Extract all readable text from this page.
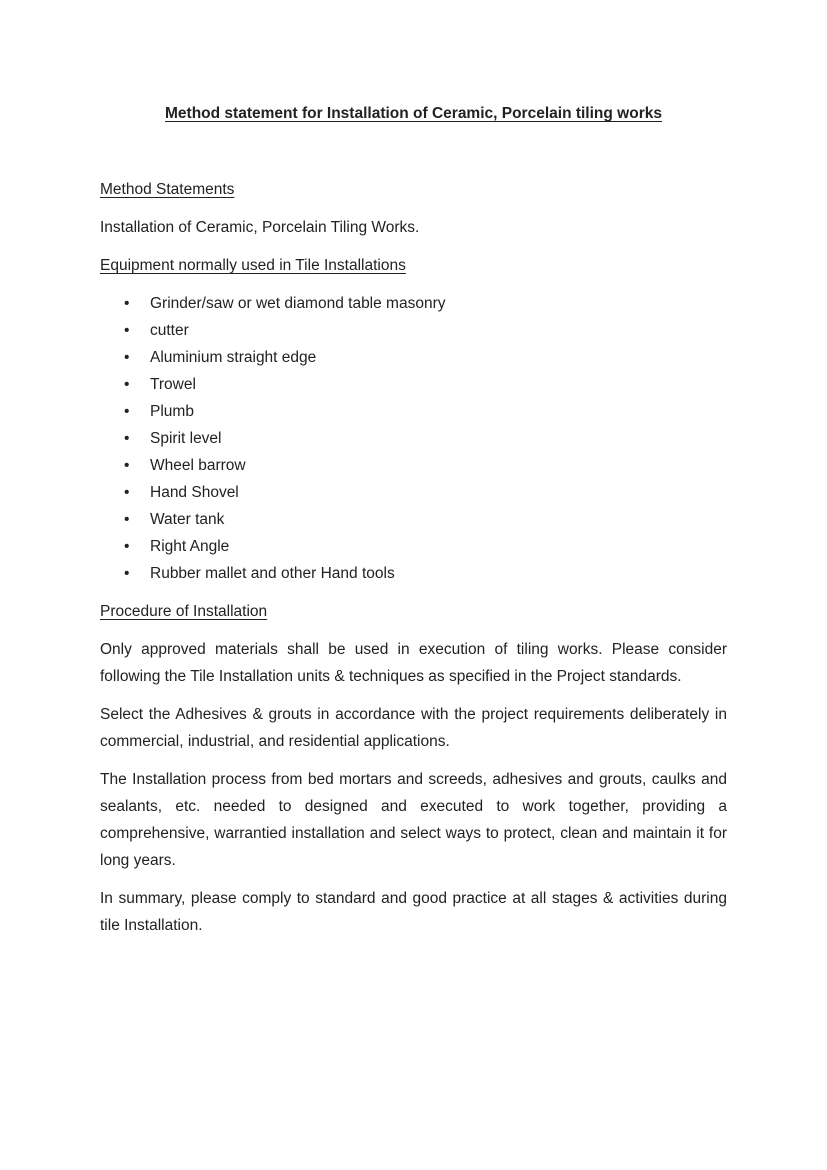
Method statement for Installation of Ceramic, Porcelain tiling works

Method Statements

Installation of Ceramic, Porcelain Tiling Works.

Equipment normally used in Tile Installations

• Grinder/saw or wet diamond table masonry
• cutter
• Aluminium straight edge
• Trowel
• Plumb
• Spirit level
• Wheel barrow
• Hand Shovel
• Water tank
• Right Angle
• Rubber mallet and other Hand tools

Procedure of Installation

Only approved materials shall be used in execution of tiling works. Please consider following the Tile Installation units & techniques as specified in the Project standards.

Select the Adhesives & grouts in accordance with the project requirements deliberately in commercial, industrial, and residential applications.

The Installation process from bed mortars and screeds, adhesives and grouts, caulks and sealants, etc. needed to designed and executed to work together, providing a comprehensive, warrantied installation and select ways to protect, clean and maintain it for long years.

In summary, please comply to standard and good practice at all stages & activities during tile Installation.
